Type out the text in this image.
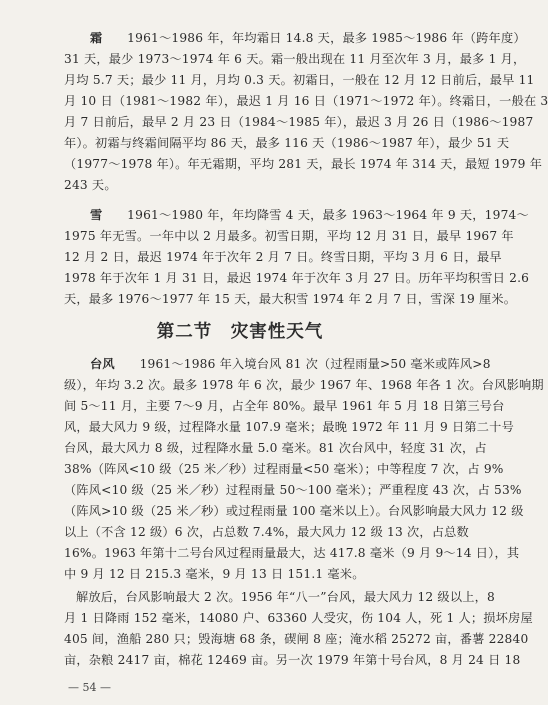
霜　　 1961～1986 年，年均霜日 14.8 天，最多 1985～1986 年（跨年度）
31 天，最少 1973～1974 年 6 天。霜一般出现在 11 月至次年 3 月，最多 1 月，
月均 5.7 天；最少 11 月，月均 0.3 天。初霜日，一般在 12 月 12 日前后，最早 11
月 10 日（1981～1982 年），最迟 1 月 16 日（1971～1972 年）。终霜日，一般在 3
月 7 日前后，最早 2 月 23 日（1984～1985 年），最迟 3 月 26 日（1986～1987
年）。初霜与终霜间隔平均 86 天，最多 116 天（1986～1987 年），最少 51 天
（1977～1978 年）。年无霜期，平均 281 天，最长 1974 年 314 天，最短 1979 年
243 天。
雪　　 1961～1980 年，年均降雪 4 天，最多 1963～1964 年 9 天，1974～
1975 年无雪。一年中以 2 月最多。初雪日期，平均 12 月 31 日，最早 1967 年
12 月 2 日，最迟 1974 年于次年 2 月 7 日。终雪日期，平均 3 月 6 日，最早
1978 年于次年 1 月 31 日，最迟 1974 年于次年 3 月 27 日。历年平均积雪日 2.6
天，最多 1976～1977 年 15 天，最大积雪 1974 年 2 月 7 日，雪深 19 厘米。
第二节　灾害性天气
台风　　 1961～1986 年入境台风 81 次（过程雨量>50 毫米或阵风>8
级），年均 3.2 次。最多 1978 年 6 次，最少 1967 年、1968 年各 1 次。台风影响期
间 5～11 月，主要 7～9 月，占全年 80%。最早 1961 年 5 月 18 日第三号台
风，最大风力 9 级，过程降水量 107.9 毫米；最晚 1972 年 11 月 9 日第二十号
台风，最大风力 8 级，过程降水量 5.0 毫米。81 次台风中，轻度 31 次，占
38%（阵风<10 级（25 米／秒）过程雨量<50 毫米）；中等程度 7 次，占 9%
（阵风<10 级（25 米／秒）过程雨量 50～100 毫米）；严重程度 43 次，占 53%
（阵风>10 级（25 米／秒）或过程雨量 100 毫米以上）。台风影响最大风力 12 级
以上（不含 12 级）6 次，占总数 7.4%，最大风力 12 级 13 次，占总数
16%。1963 年第十二号台风过程雨量最大，达 417.8 毫米（9 月 9～14 日），其
中 9 月 12 日 215.3 毫米，9 月 13 日 151.1 毫米。
解放后，台风影响最大 2 次。1956 年“八一”台风，最大风力 12 级以上，8
月 1 日降雨 152 毫米，14080 户、63360 人受灾，伤 104 人，死 1 人；损坏房屋
405 间，渔船 280 只；毁海塘 68 条，碶闸 8 座；淹水稻 25272 亩，番薯 22840
亩，杂粮 2417 亩，棉花 12469 亩。另一次 1979 年第十号台风，8 月 24 日 18
— 54 —
